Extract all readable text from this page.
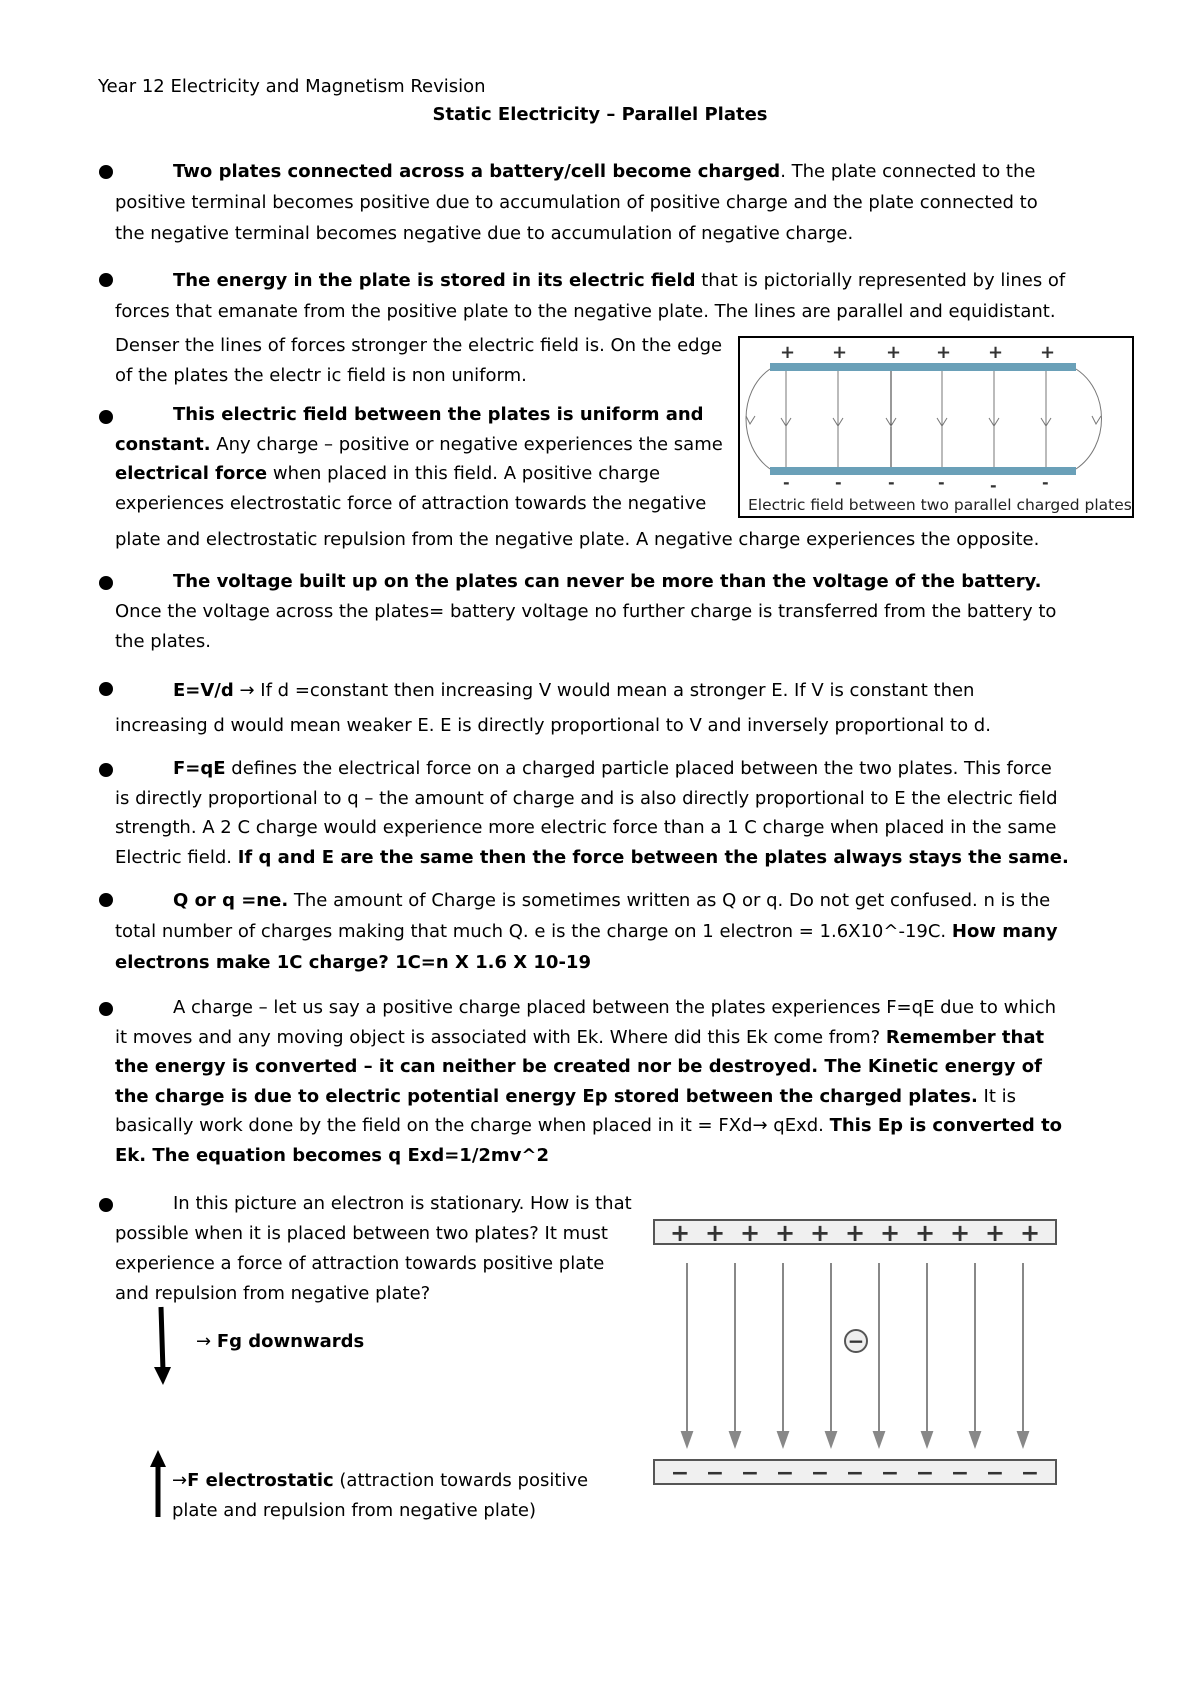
Year 12 Electricity and Magnetism Revision
Static Electricity – Parallel Plates
Two plates connected across a battery/cell become charged. The plate connected to the positive terminal becomes positive due to accumulation of positive charge and the plate connected to the negative terminal becomes negative due to accumulation of negative charge.
The energy in the plate is stored in its electric field that is pictorially represented by lines of forces that emanate from the positive plate to the negative plate. The lines are parallel and equidistant.
Denser the lines of forces stronger the electric field is. On the edge of the plates the electr ic field is non uniform.
This electric field between the plates is uniform and constant. Any charge – positive or negative experiences the same electrical force when placed in this field. A positive charge experiences electrostatic force of attraction towards the negative
plate and electrostatic repulsion from the negative plate. A negative charge experiences the opposite.
+ + + + + +
-	-	-	-	-	-
Electric field between two parallel charged plates
The voltage built up on the plates can never be more than the voltage of the battery. Once the voltage across the plates= battery voltage no further charge is transferred from the battery to the plates.
E=V/d → If d =constant then increasing V would mean a stronger E. If V is constant then increasing d would mean weaker E. E is directly proportional to V and inversely proportional to d.
F=qE defines the electrical force on a charged particle placed between the two plates. This force is directly proportional to q – the amount of charge and is also directly proportional to E the electric field strength. A 2 C charge would experience more electric force than a 1 C charge when placed in the same Electric field. If q and E are the same then the force between the plates always stays the same.
Q or q =ne. The amount of Charge is sometimes written as Q or q. Do not get confused. n is the total number of charges making that much Q. e is the charge on 1 electron = 1.6X10^-19C. How many electrons make 1C charge? 1C=n X 1.6 X 10-19
A charge – let us say a positive charge placed between the plates experiences F=qE due to which it moves and any moving object is associated with Ek. Where did this Ek come from? Remember that the energy is converted – it can neither be created nor be destroyed. The Kinetic energy of the charge is due to electric potential energy Ep stored between the charged plates. It is basically work done by the field on the charge when placed in it = FXd→ qExd. This Ep is converted to Ek. The equation becomes q Exd=1/2mv^2
In this picture an electron is stationary. How is that possible when it is placed between two plates? It must experience a force of attraction towards positive plate and repulsion from negative plate?
→ Fg downwards
→F electrostatic (attraction towards positive plate and repulsion from negative plate)
+ + + + + + + + + + +
−
− − − − − − − − − − −
